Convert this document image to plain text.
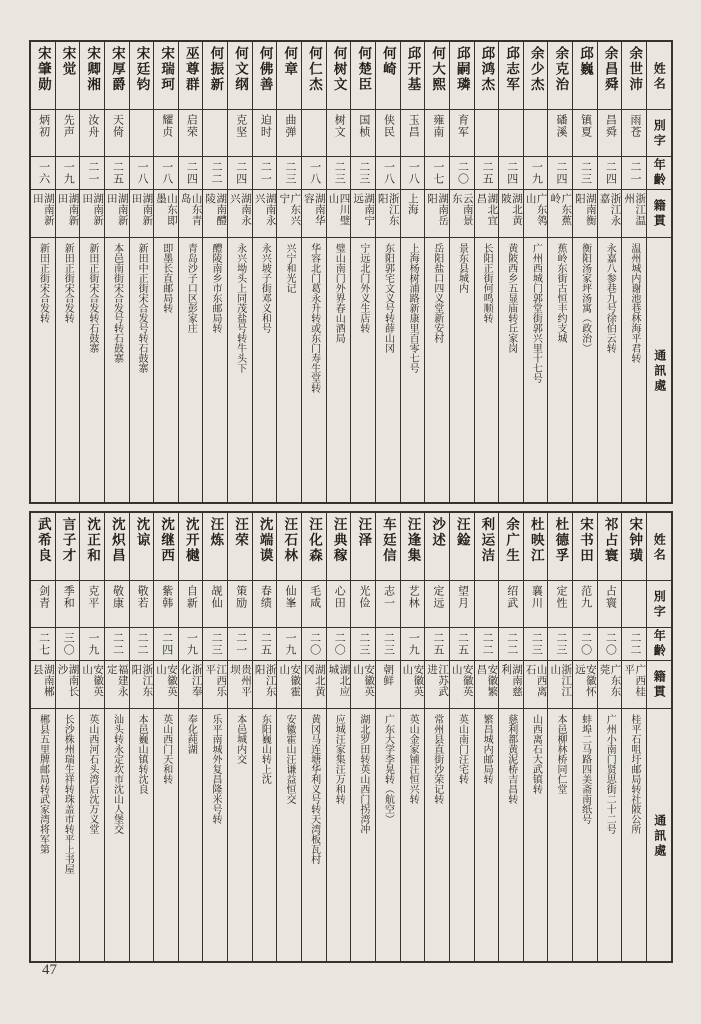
姓名
別字
年齡
籍貫
通訊處
余世沛
雨苍
二一
浙江温州
温州城内谢池巷林海平君转
余昌舜
昌舜
二四
浙江永嘉
永嘉八参巷九号徐伯云转
邱巍
镇夏
二三
湖南衡阳
衡阳汤家坪汤寓（政治）
余克治
磻溪
二四
广东蕉岭
蕉岭东街古恒丰约支城
余少杰
一九
广东鸰山
广州西城门郭堂街郭兴里十七号
邱志军
二四
湖北黄陂
黄陂西乡五显庙转丘家岗
邱鸿杰
二五
湖北宜昌
长阳正街何鸣顺转
邱嗣璘
育军
二〇
云南景东
景东县城内
何大熙
雍南
一七
湖南岳阳
岳阳盐口四义堂新安村
邱开基
玉昌
一八
上海
上海杨树浦路新康里百零七号
何崎
侠民
一八
浙江东阳
东阳郭宅文义号转薛山冈
何楚臣
国桢
二三
湖南宁远
宁远北门外义生店转
何树文
树文
二三
四川璧山
璧山南门外界春山酒局
何仁杰
一八
湖南华容
华容北门葛永升转或东门寿生堂转
何章
曲弹
二三
广东兴宁
兴宁和光记
何佛善
迫时
二一
湖南永兴
永兴坡子街邓义和号
何文纲
克坚
二四
湖南永兴
永兴坳头上同茂盐号转牛头下
何振新
二二
湖南醴陵
醴陵南乡市东邮局转
巫尊群
启荣
二四
山东青岛
青岛沙子口区彭家庄
宋瑞珂
耀贞
一八
山东即墨
即墨长直邮局转
宋廷钧
一八
湖南新田
新田中正街宋合发号转石鼓寨
宋厚爵
天倚
二五
湖南新田
本邑南街宋合发号转石鼓寨
宋卿湘
汝舟
二一
湖南新田
新田正街宋合发转石鼓寨
宋觉
先声
一九
湖南新田
新田正街宋合发转
宋肇勋
炳初
一六
湖南新田
新田正街宋合发转
姓名
別字
年齡
籍貫
通訊處
宋钟璜
二二
广西桂平
桂平石咀圩邮局转社陂公所
祁占寰
占寰
二〇
广东东莞
广州小南门贤思街二十二号
宋书田
范九
二〇
安徽怀远
蚌埠二马路四美斋南纸号
杜德孚
定性
二三
浙江江山
本邑柳林桥同仁堂
杜映江
襄川
二三
山西离石
山西离石大武镇转
余广生
绍武
二二
湖南慈利
慈利都黄泥桥吉昌转
利运洁
二二
安徽繁昌
繁昌城内邮局转
汪鍂
望月
二五
安徽英山
英山南门汪宅转
沙述
定远
二五
江苏武进
常州县直街沙荣记转
汪逢集
艺林
一九
安徽英山
英山金家铺汪恒兴转
车廷信
志一
二三
朝鲜
广东大学李晃转（航空）
汪泽
光俭
二三
安徽英山
湖北罗田转英山西门拐湾冲
汪典稼
心田
二〇
湖北应城
应城汪家集汪万和转
汪化森
毛咸
二〇
湖北黄冈
黄冈马连塘华利义号转天湾板瓦村
汪石林
仙峯
一九
安徽霍山
安徽霍山汪谦益恒交
沈端谟
春绩
二五
浙江东阳
东阳巍山转上沈
汪荣
策励
二一
贵州平坝
本邑城内交
汪炼
觇仙
二三
江西乐平
乐平南城外复昌隆米号转
沈开樾
自新
一九
浙江奉化
奉化莼湖
沈继西
紫韩
二四
安徽英山
英山西门天和转
沈谅
敬若
二二
浙江东阳
本邑巍山镇转沈良
沈炽昌
敬康
二二
福建永定
汕头转永定坎市沈山人堡交
沈正和
克平
一九
安徽英山
英山西河石头湾后沈万义堂
言子才
季和
三〇
湖南长沙
长沙株州瑞生祥转珠盖市转平上书屋
武希良
剑青
二七
湖南郴县
郴县五里牌邮局转武家湾将军第
47
